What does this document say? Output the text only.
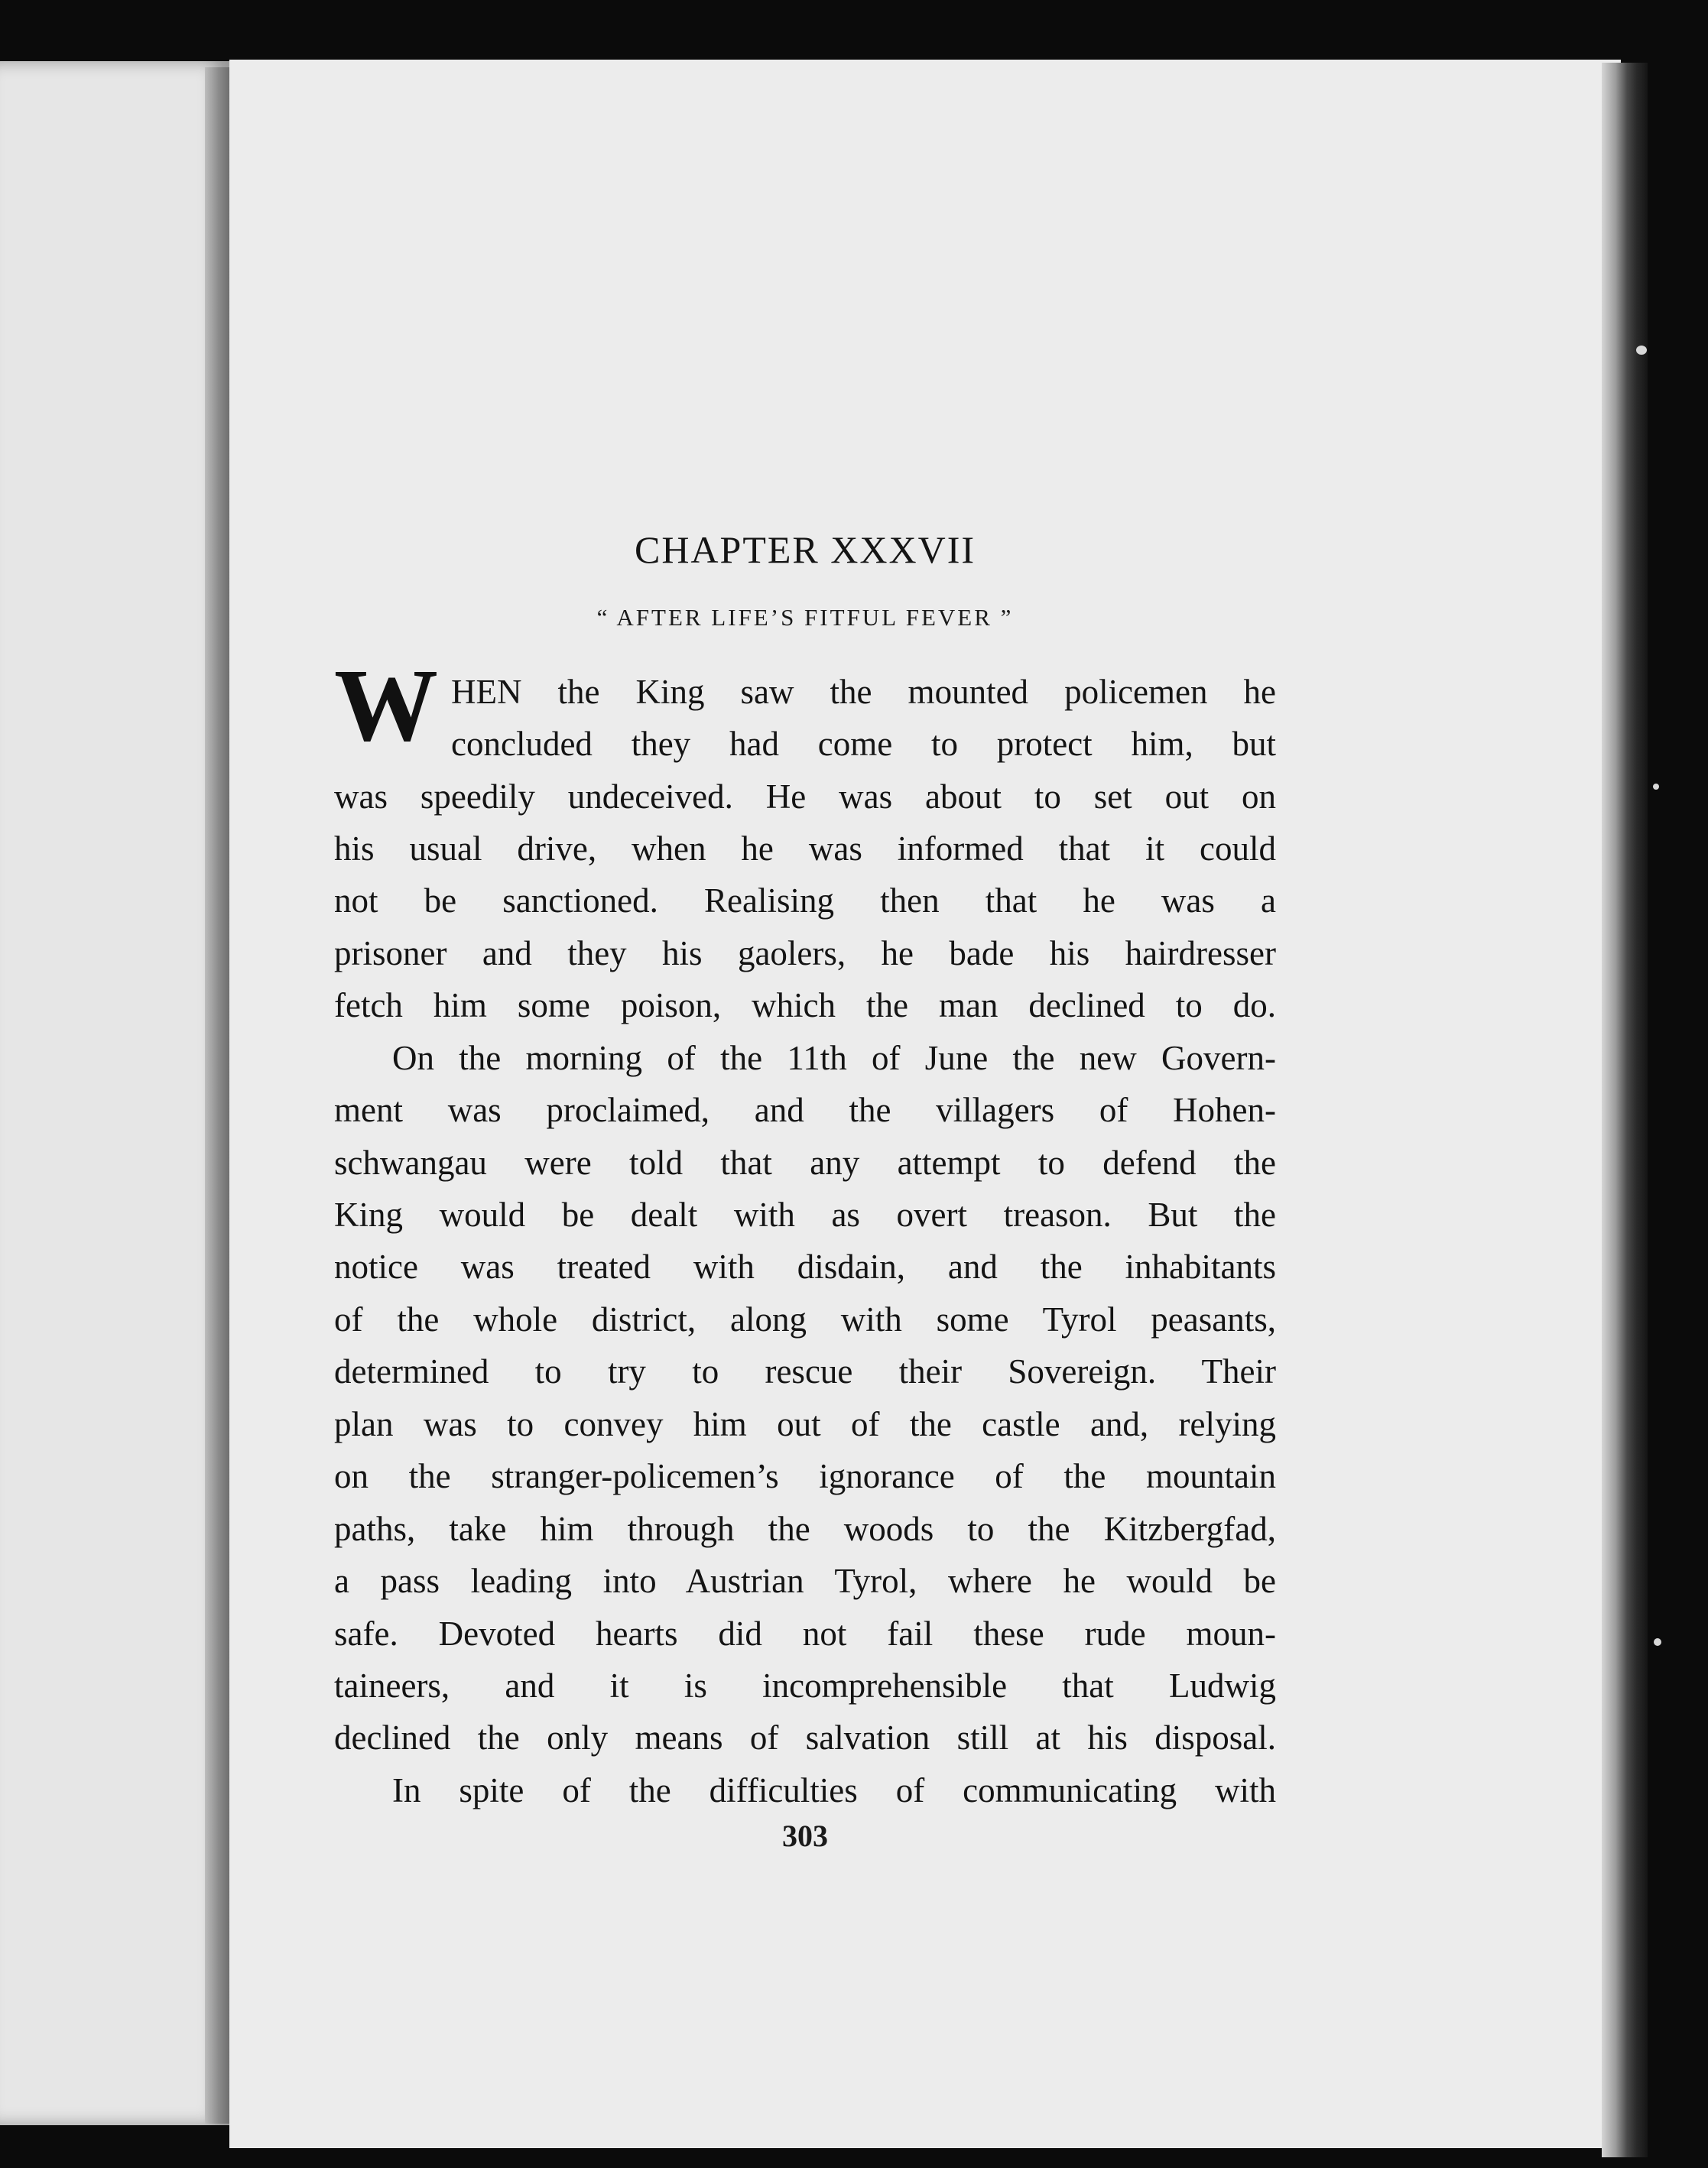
CHAPTER XXXVII
“ AFTER LIFE’S FITFUL FEVER ”
W HEN the King saw the mounted policemen he
concluded they had come to protect him, but
was speedily undeceived. He was about to set out on
his usual drive, when he was informed that it could
not be sanctioned. Realising then that he was a
prisoner and they his gaolers, he bade his hairdresser
fetch him some poison, which the man declined to do.
On the morning of the 11th of June the new Govern-
ment was proclaimed, and the villagers of Hohen-
schwangau were told that any attempt to defend the
King would be dealt with as overt treason. But the
notice was treated with disdain, and the inhabitants
of the whole district, along with some Tyrol peasants,
determined to try to rescue their Sovereign. Their
plan was to convey him out of the castle and, relying
on the stranger-policemen’s ignorance of the mountain
paths, take him through the woods to the Kitzbergfad,
a pass leading into Austrian Tyrol, where he would be
safe. Devoted hearts did not fail these rude moun-
taineers, and it is incomprehensible that Ludwig
declined the only means of salvation still at his disposal.
In spite of the difficulties of communicating with
303
